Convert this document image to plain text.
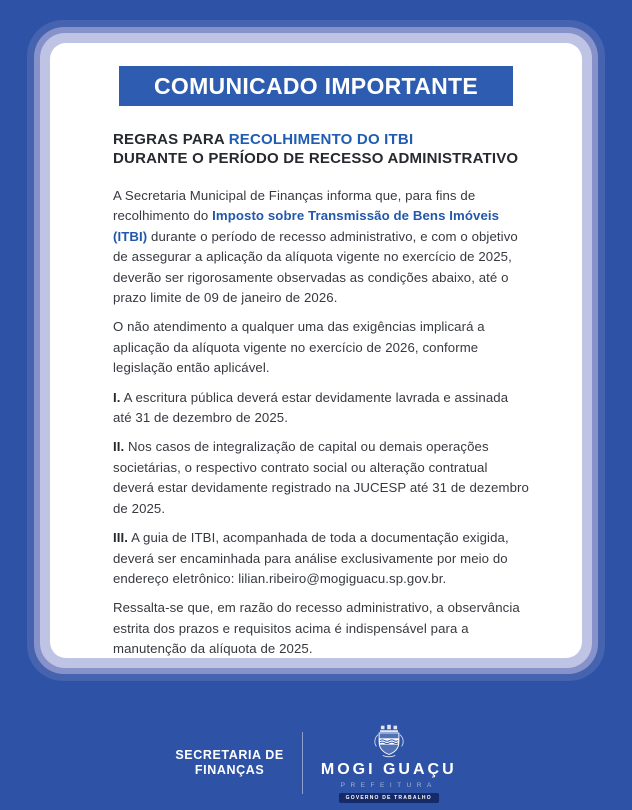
COMUNICADO IMPORTANTE
REGRAS PARA RECOLHIMENTO DO ITBI
DURANTE O PERÍODO DE RECESSO ADMINISTRATIVO

A Secretaria Municipal de Finanças informa que, para fins de recolhimento do Imposto sobre Transmissão de Bens Imóveis (ITBI) durante o período de recesso administrativo, e com o objetivo de assegurar a aplicação da alíquota vigente no exercício de 2025, deverão ser rigorosamente observadas as condições abaixo, até o prazo limite de 09 de janeiro de 2026.

O não atendimento a qualquer uma das exigências implicará a aplicação da alíquota vigente no exercício de 2026, conforme legislação então aplicável.

I. A escritura pública deverá estar devidamente lavrada e assinada até 31 de dezembro de 2025.

II. Nos casos de integralização de capital ou demais operações societárias, o respectivo contrato social ou alteração contratual deverá estar devidamente registrado na JUCESP até 31 de dezembro de 2025.

III. A guia de ITBI, acompanhada de toda a documentação exigida, deverá ser encaminhada para análise exclusivamente por meio do endereço eletrônico: lilian.ribeiro@mogiguacu.sp.gov.br.

Ressalta-se que, em razão do recesso administrativo, a observância estrita dos prazos e requisitos acima é indispensável para a manutenção da alíquota de 2025.

SECRETARIA DE
FINANÇAS	MOGI GUAÇU
PREFEITURA
GOVERNO DE TRABALHO
